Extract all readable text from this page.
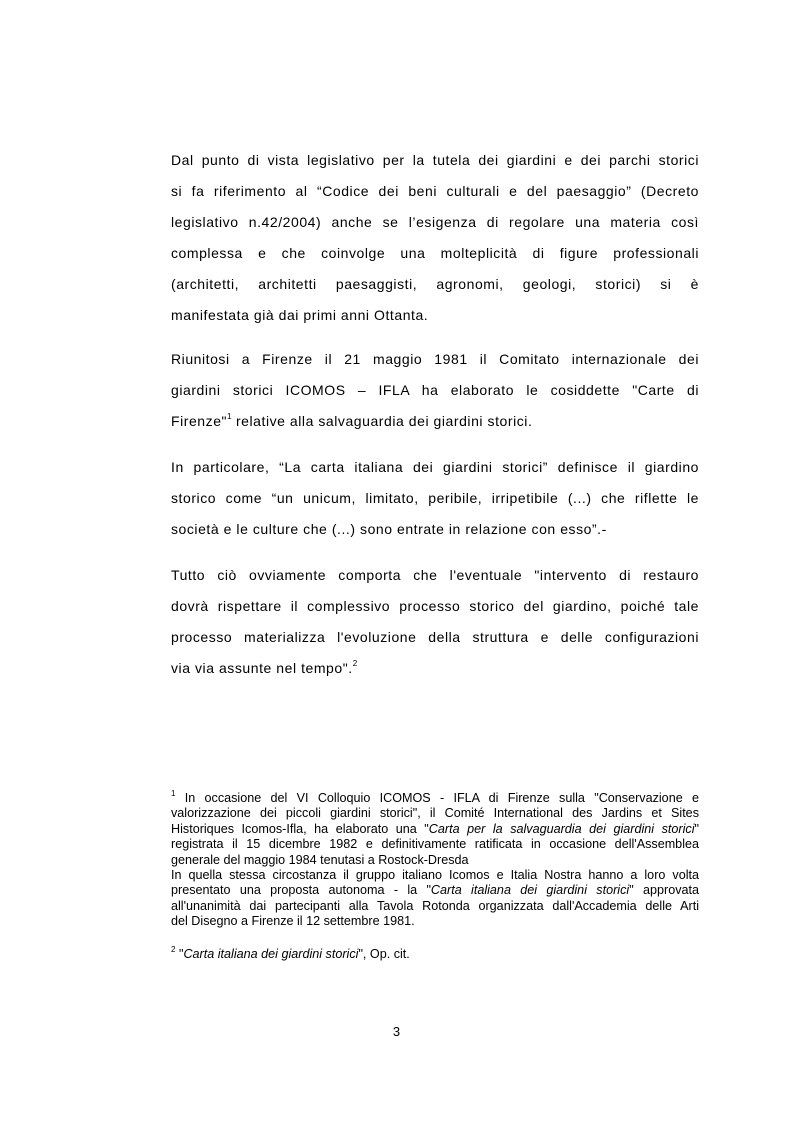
Dal punto di vista legislativo per la tutela dei giardini e dei parchi storici
si fa riferimento al “Codice dei beni culturali e del paesaggio” (Decreto
legislativo n.42/2004) anche se l’esigenza di regolare una materia così
complessa e che coinvolge una molteplicità di figure professionali
(architetti, architetti paesaggisti, agronomi, geologi, storici) si è
manifestata già dai primi anni Ottanta.
Riunitosi a Firenze il 21 maggio 1981 il Comitato internazionale dei
giardini storici ICOMOS – IFLA ha elaborato le cosiddette "Carte di
Firenze"$^1$ relative alla salvaguardia dei giardini storici.
In particolare, “La carta italiana dei giardini storici” definisce il giardino
storico come “un unicum, limitato, peribile, irripetibile (...) che riflette le
società e le culture che (...) sono entrate in relazione con esso”.-
Tutto ciò ovviamente comporta che l'eventuale "intervento di restauro
dovrà rispettare il complessivo processo storico del giardino, poiché tale
processo materializza l'evoluzione della struttura e delle configurazioni
via via assunte nel tempo".$^2$
$^1$ In occasione del VI Colloquio ICOMOS - IFLA di Firenze sulla "Conservazione e
valorizzazione dei piccoli giardini storici", il Comité International des Jardins et Sites
Historiques Icomos-Ifla, ha elaborato una "Carta per la salvaguardia dei giardini storici"
registrata il 15 dicembre 1982 e definitivamente ratificata in occasione dell'Assemblea
generale del maggio 1984 tenutasi a Rostock-Dresda
In quella stessa circostanza il gruppo italiano Icomos e Italia Nostra hanno a loro volta
presentato una proposta autonoma - la "Carta italiana dei giardini storici" approvata
all'unanimità dai partecipanti alla Tavola Rotonda organizzata dall'Accademia delle Arti
del Disegno a Firenze il 12 settembre 1981.
$^2$ "Carta italiana dei giardini storici", Op. cit.
3
